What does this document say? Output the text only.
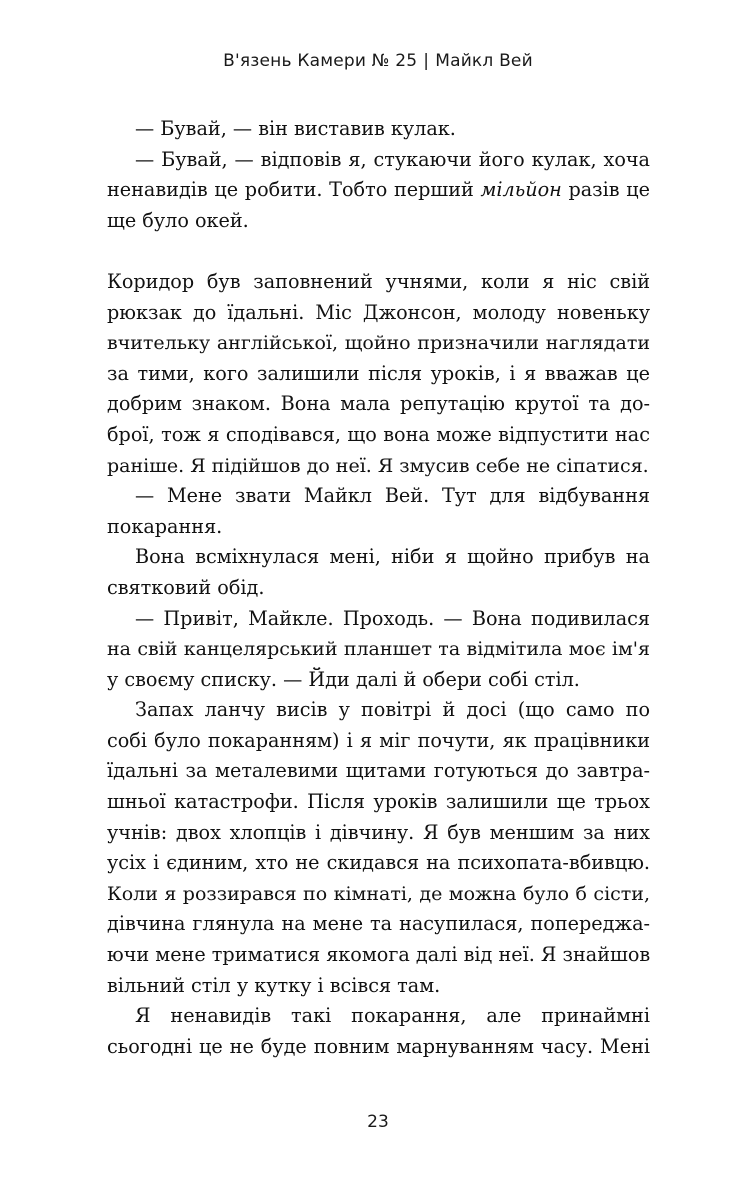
В'язень Камери № 25 | Майкл Вей

— Бувай, — він виставив кулак.

— Бувай, — відповів я, стукаючи його кулак, хоча
ненавидів це робити. Тобто перший мільйон разів це
ще було окей.

Коридор був заповнений учнями, коли я ніс свій
рюкзак до їдальні. Міс Джонсон, молоду новеньку
вчительку англійської, щойно призначили наглядати
за тими, кого залишили після уроків, і я вважав це
добрим знаком. Вона мала репутацію крутої та до-
брої, тож я сподівався, що вона може відпустити нас
раніше. Я підійшов до неї. Я змусив себе не сіпатися.

— Мене звати Майкл Вей. Тут для відбування
покарання.

Вона всміхнулася мені, ніби я щойно прибув на
святковий обід.

— Привіт, Майкле. Проходь. — Вона подивилася
на свій канцелярський планшет та відмітила моє ім'я
у своєму списку. — Йди далі й обери собі стіл.

Запах ланчу висів у повітрі й досі (що само по
собі було покаранням) і я міг почути, як працівники
їдальні за металевими щитами готуються до завтра-
шньої катастрофи. Після уроків залишили ще трьох
учнів: двох хлопців і дівчину. Я був меншим за них
усіх і єдиним, хто не скидався на психопата-вбивцю.
Коли я роззирався по кімнаті, де можна було б сісти,
дівчина глянула на мене та насупилася, попереджа-
ючи мене триматися якомога далі від неї. Я знайшов
вільний стіл у кутку і всівся там.

Я ненавидів такі покарання, але принаймні
сьогодні це не буде повним марнуванням часу. Мені

23
